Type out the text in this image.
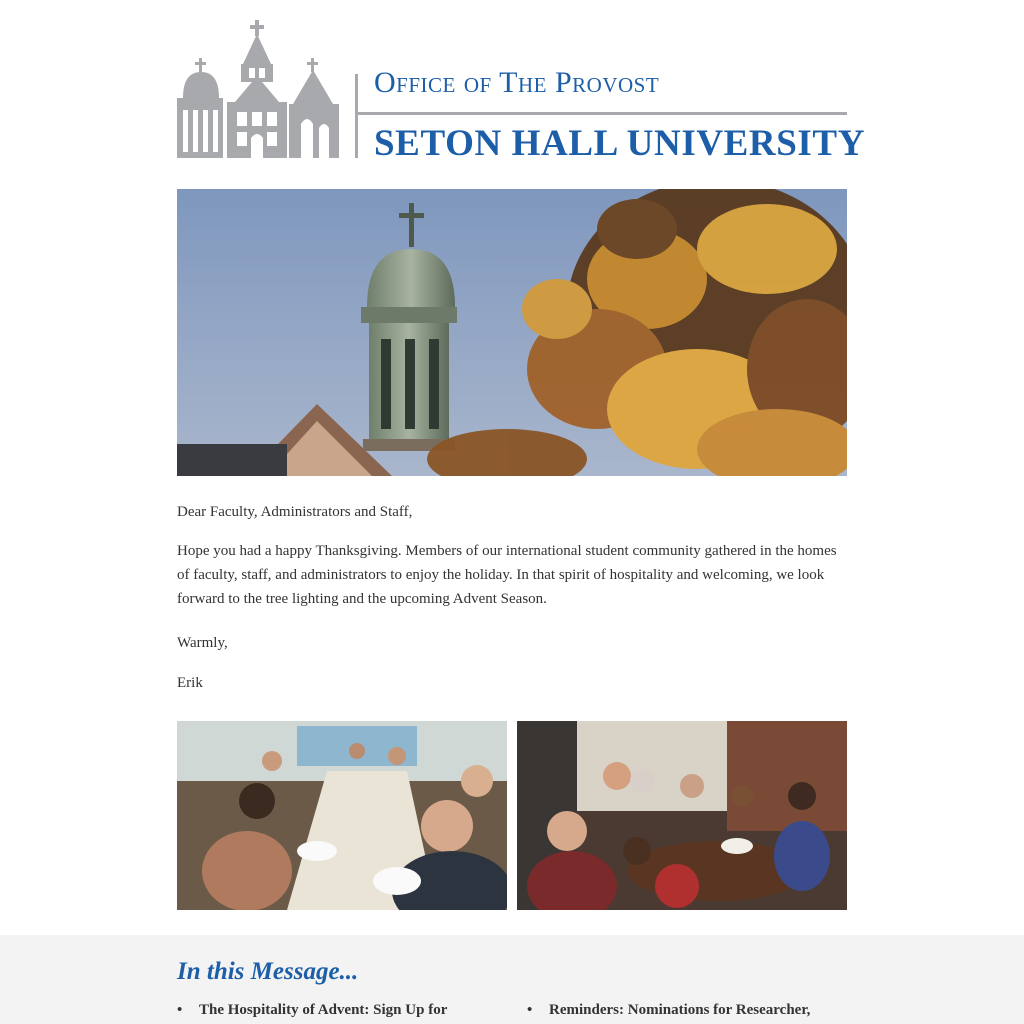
Office of The Provost
SETON HALL UNIVERSITY

Dear Faculty, Administrators and Staff,

Hope you had a happy Thanksgiving. Members of our international student community gathered in the homes of faculty, staff, and administrators to enjoy the holiday. In that spirit of hospitality and welcoming, we look forward to the tree lighting and the upcoming Advent Season.

Warmly,

Erik

In this Message...
• The Hospitality of Advent: Sign Up for	• Reminders: Nominations for Researcher,
